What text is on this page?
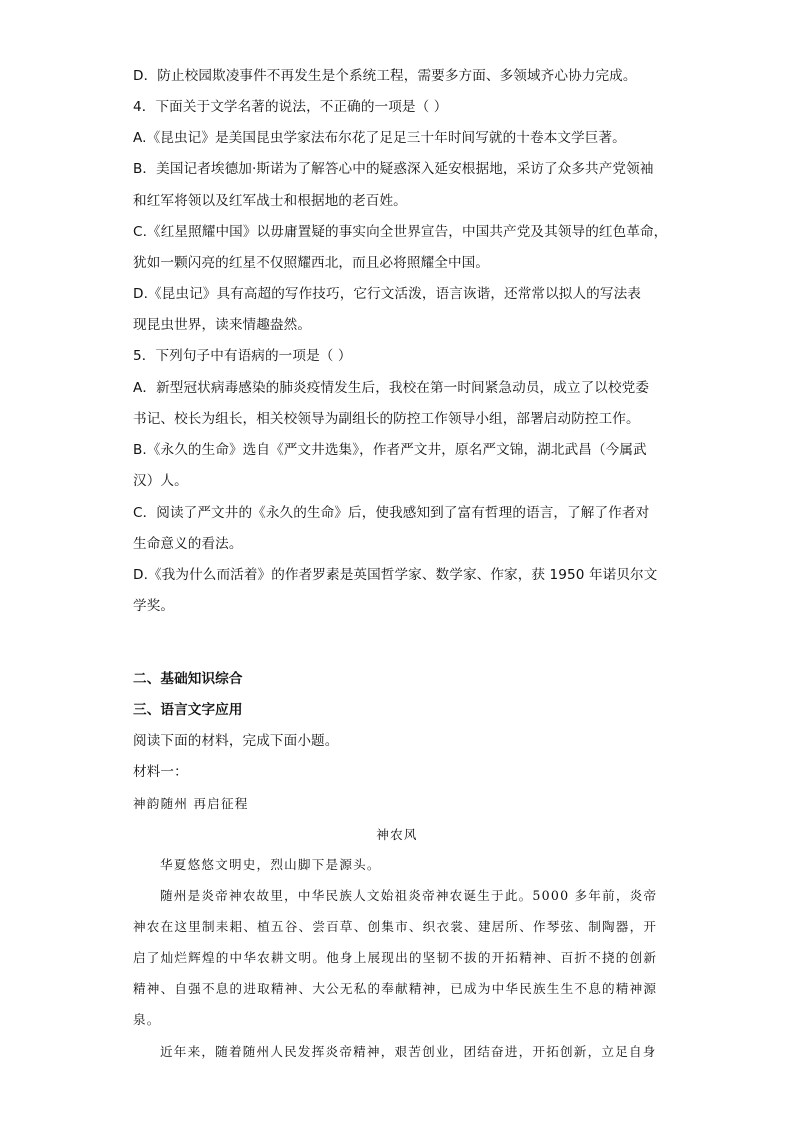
D．防止校园欺凌事件不再发生是个系统工程，需要多方面、多领域齐心协力完成。
4．下面关于文学名著的说法，不正确的一项是（ ）
A.《昆虫记》是美国昆虫学家法布尔花了足足三十年时间写就的十卷本文学巨著。
B．美国记者埃德加·斯诺为了解答心中的疑惑深入延安根据地，采访了众多共产党领袖
和红军将领以及红军战士和根据地的老百姓。
C.《红星照耀中国》以毋庸置疑的事实向全世界宣告，中国共产党及其领导的红色革命，
犹如一颗闪亮的红星不仅照耀西北，而且必将照耀全中国。
D.《昆虫记》具有高超的写作技巧，它行文活泼，语言诙谐，还常常以拟人的写法表
现昆虫世界，读来情趣盎然。
5．下列句子中有语病的一项是（ ）
A．新型冠状病毒感染的肺炎疫情发生后，我校在第一时间紧急动员，成立了以校党委
书记、校长为组长，相关校领导为副组长的防控工作领导小组，部署启动防控工作。
B.《永久的生命》选自《严文井选集》，作者严文井，原名严文锦，湖北武昌（今属武
汉）人。
C．阅读了严文井的《永久的生命》后，使我感知到了富有哲理的语言，了解了作者对
生命意义的看法。
D.《我为什么而活着》的作者罗素是英国哲学家、数学家、作家，获 1950 年诺贝尔文
学奖。
二、基础知识综合
三、语言文字应用
阅读下面的材料，完成下面小题。
材料一：
神韵随州 再启征程
神农风
华夏悠悠文明史，烈山脚下是源头。
随州是炎帝神农故里，中华民族人文始祖炎帝神农诞生于此。5000 多年前，炎帝
神农在这里制耒耜、植五谷、尝百草、创集市、织衣裳、建居所、作琴弦、制陶器，开
启了灿烂辉煌的中华农耕文明。他身上展现出的坚韧不拔的开拓精神、百折不挠的创新
精神、自强不息的进取精神、大公无私的奉献精神，已成为中华民族生生不息的精神源
泉。
近年来，随着随州人民发挥炎帝精神，艰苦创业，团结奋进，开拓创新，立足自身
